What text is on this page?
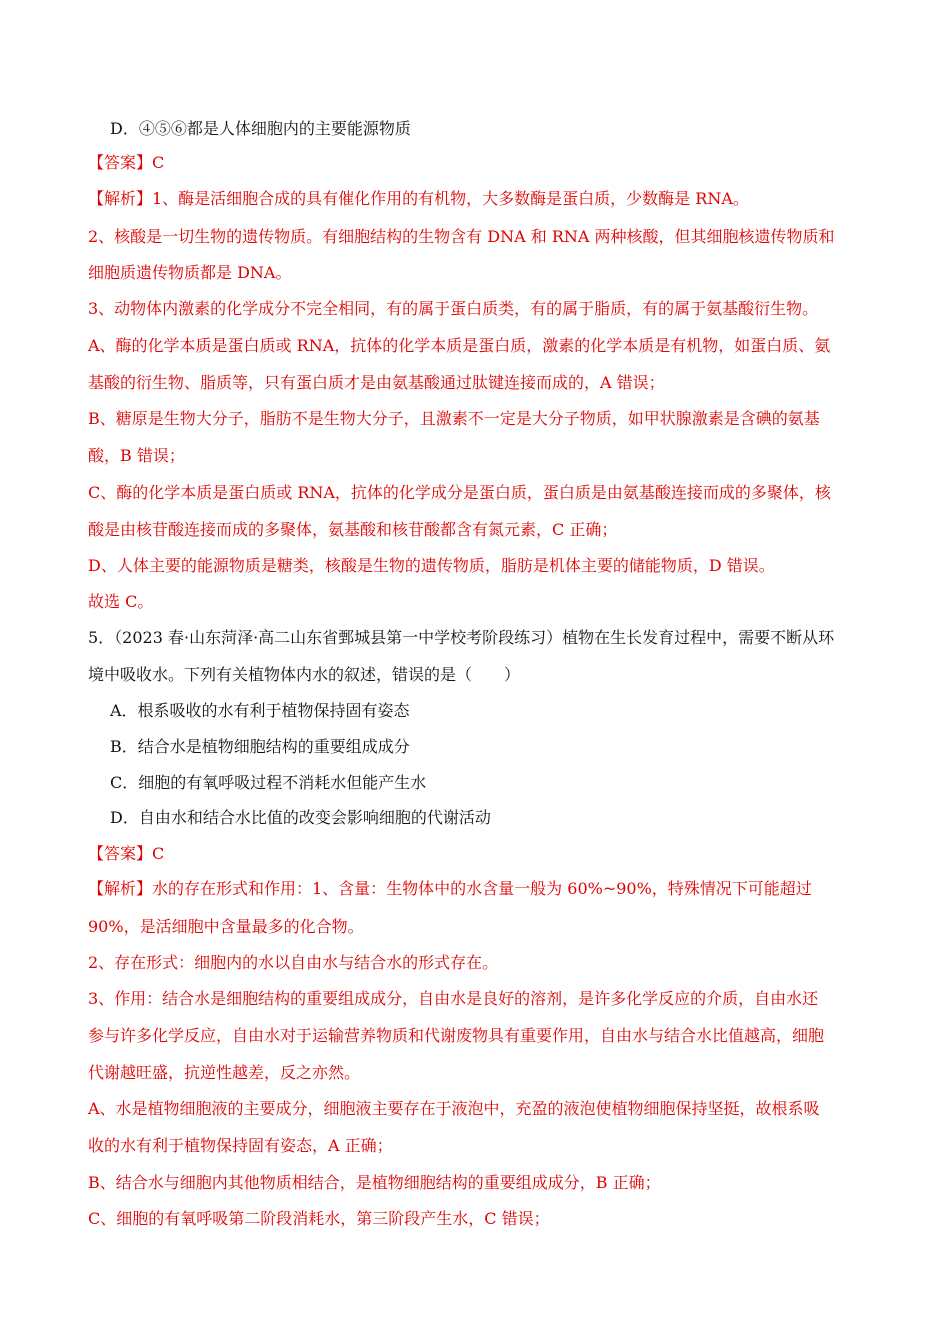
D．④⑤⑥都是人体细胞内的主要能源物质
【答案】C
【解析】1、酶是活细胞合成的具有催化作用的有机物，大多数酶是蛋白质，少数酶是 RNA。
2、核酸是一切生物的遗传物质。有细胞结构的生物含有 DNA 和 RNA 两种核酸，但其细胞核遗传物质和
细胞质遗传物质都是 DNA。
3、动物体内激素的化学成分不完全相同，有的属于蛋白质类，有的属于脂质，有的属于氨基酸衍生物。
A、酶的化学本质是蛋白质或 RNA，抗体的化学本质是蛋白质，激素的化学本质是有机物，如蛋白质、氨
基酸的衍生物、脂质等，只有蛋白质才是由氨基酸通过肽键连接而成的，A 错误；
B、糖原是生物大分子，脂肪不是生物大分子，且激素不一定是大分子物质，如甲状腺激素是含碘的氨基
酸，B 错误；
C、酶的化学本质是蛋白质或 RNA，抗体的化学成分是蛋白质，蛋白质是由氨基酸连接而成的多聚体，核
酸是由核苷酸连接而成的多聚体，氨基酸和核苷酸都含有氮元素，C 正确；
D、人体主要的能源物质是糖类，核酸是生物的遗传物质，脂肪是机体主要的储能物质，D 错误。
故选 C。
5．（2023 春·山东菏泽·高二山东省鄄城县第一中学校考阶段练习）植物在生长发育过程中，需要不断从环
境中吸收水。下列有关植物体内水的叙述，错误的是（　　）
A．根系吸收的水有利于植物保持固有姿态
B．结合水是植物细胞结构的重要组成成分
C．细胞的有氧呼吸过程不消耗水但能产生水
D．自由水和结合水比值的改变会影响细胞的代谢活动
【答案】C
【解析】水的存在形式和作用：1、含量：生物体中的水含量一般为 60%~90%，特殊情况下可能超过
90%，是活细胞中含量最多的化合物。
2、存在形式：细胞内的水以自由水与结合水的形式存在。
3、作用：结合水是细胞结构的重要组成成分，自由水是良好的溶剂，是许多化学反应的介质，自由水还
参与许多化学反应，自由水对于运输营养物质和代谢废物具有重要作用，自由水与结合水比值越高，细胞
代谢越旺盛，抗逆性越差，反之亦然。
A、水是植物细胞液的主要成分，细胞液主要存在于液泡中，充盈的液泡使植物细胞保持坚挺，故根系吸
收的水有利于植物保持固有姿态，A 正确；
B、结合水与细胞内其他物质相结合，是植物细胞结构的重要组成成分，B 正确；
C、细胞的有氧呼吸第二阶段消耗水，第三阶段产生水，C 错误；
